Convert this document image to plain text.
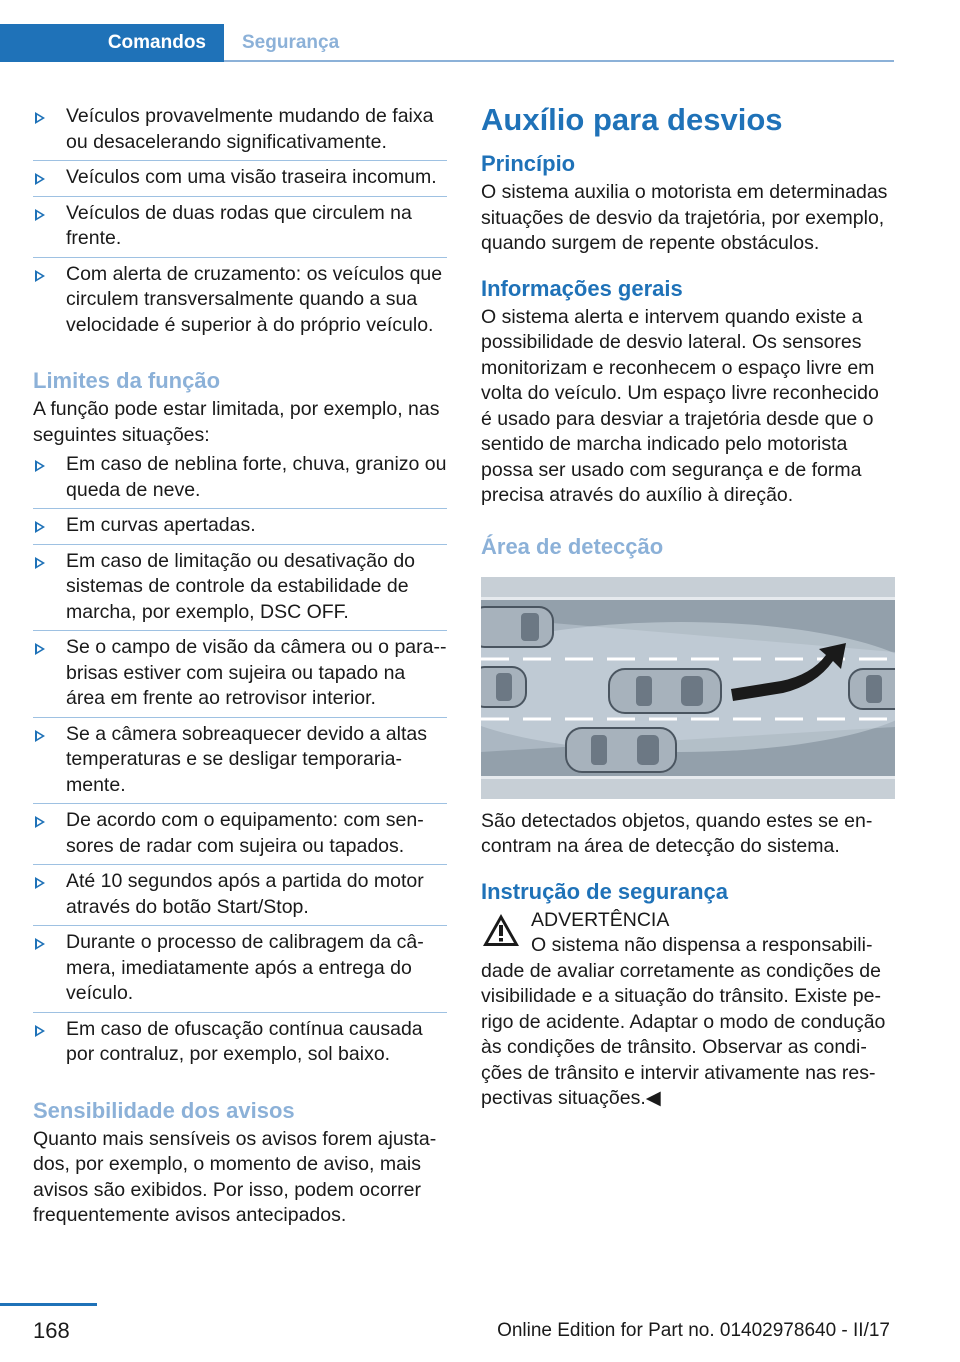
Comandos	Segurança
Veículos provavelmente mudando de faixa ou desacelerando significativamente.
Veículos com uma visão traseira incomum.
Veículos de duas rodas que circulem na frente.
Com alerta de cruzamento: os veículos que circulem transversalmente quando a sua velocidade é superior à do próprio veículo.
Limites da função

A função pode estar limitada, por exemplo, nas seguintes situações:

Em caso de neblina forte, chuva, granizo ou queda de neve.
Em curvas apertadas.
Em caso de limitação ou desativação do sistemas de controle da estabilidade de marcha, por exemplo, DSC OFF.
Se o campo de visão da câmera ou o para--brisas estiver com sujeira ou tapado na área em frente ao retrovisor interior.
Se a câmera sobreaquecer devido a altas temperaturas e se desligar temporariamente.
De acordo com o equipamento: com sensores de radar com sujeira ou tapados.
Até 10 segundos após a partida do motor através do botão Start/Stop.
Durante o processo de calibragem da câmera, imediatamente após a entrega do veículo.
Em caso de ofuscação contínua causada por contraluz, por exemplo, sol baixo.
Sensibilidade dos avisos

Quanto mais sensíveis os avisos forem ajustados, por exemplo, o momento de aviso, mais avisos são exibidos. Por isso, podem ocorrer frequentemente avisos antecipados.

Auxílio para desvios
Princípio

O sistema auxilia o motorista em determinadas situações de desvio da trajetória, por exemplo, quando surgem de repente obstáculos.

Informações gerais

O sistema alerta e intervem quando existe a possibilidade de desvio lateral. Os sensores monitorizam e reconhecem o espaço livre em volta do veículo. Um espaço livre reconhecido é usado para desviar a trajetória desde que o sentido de marcha indicado pelo motorista possa ser usado com segurança e de forma precisa através do auxílio à direção.

Área de detecção

São detectados objetos, quando estes se encontram na área de detecção do sistema.

Instrução de segurança
ADVERTÊNCIA

O sistema não dispensa a responsabilidade de avaliar corretamente as condições de visibilidade e a situação do trânsito. Existe perigo de acidente. Adaptar o modo de condução às condições de trânsito. Observar as condições de trânsito e intervir ativamente nas respectivas situações.◀

168	Online Edition for Part no. 01402978640 - II/17
